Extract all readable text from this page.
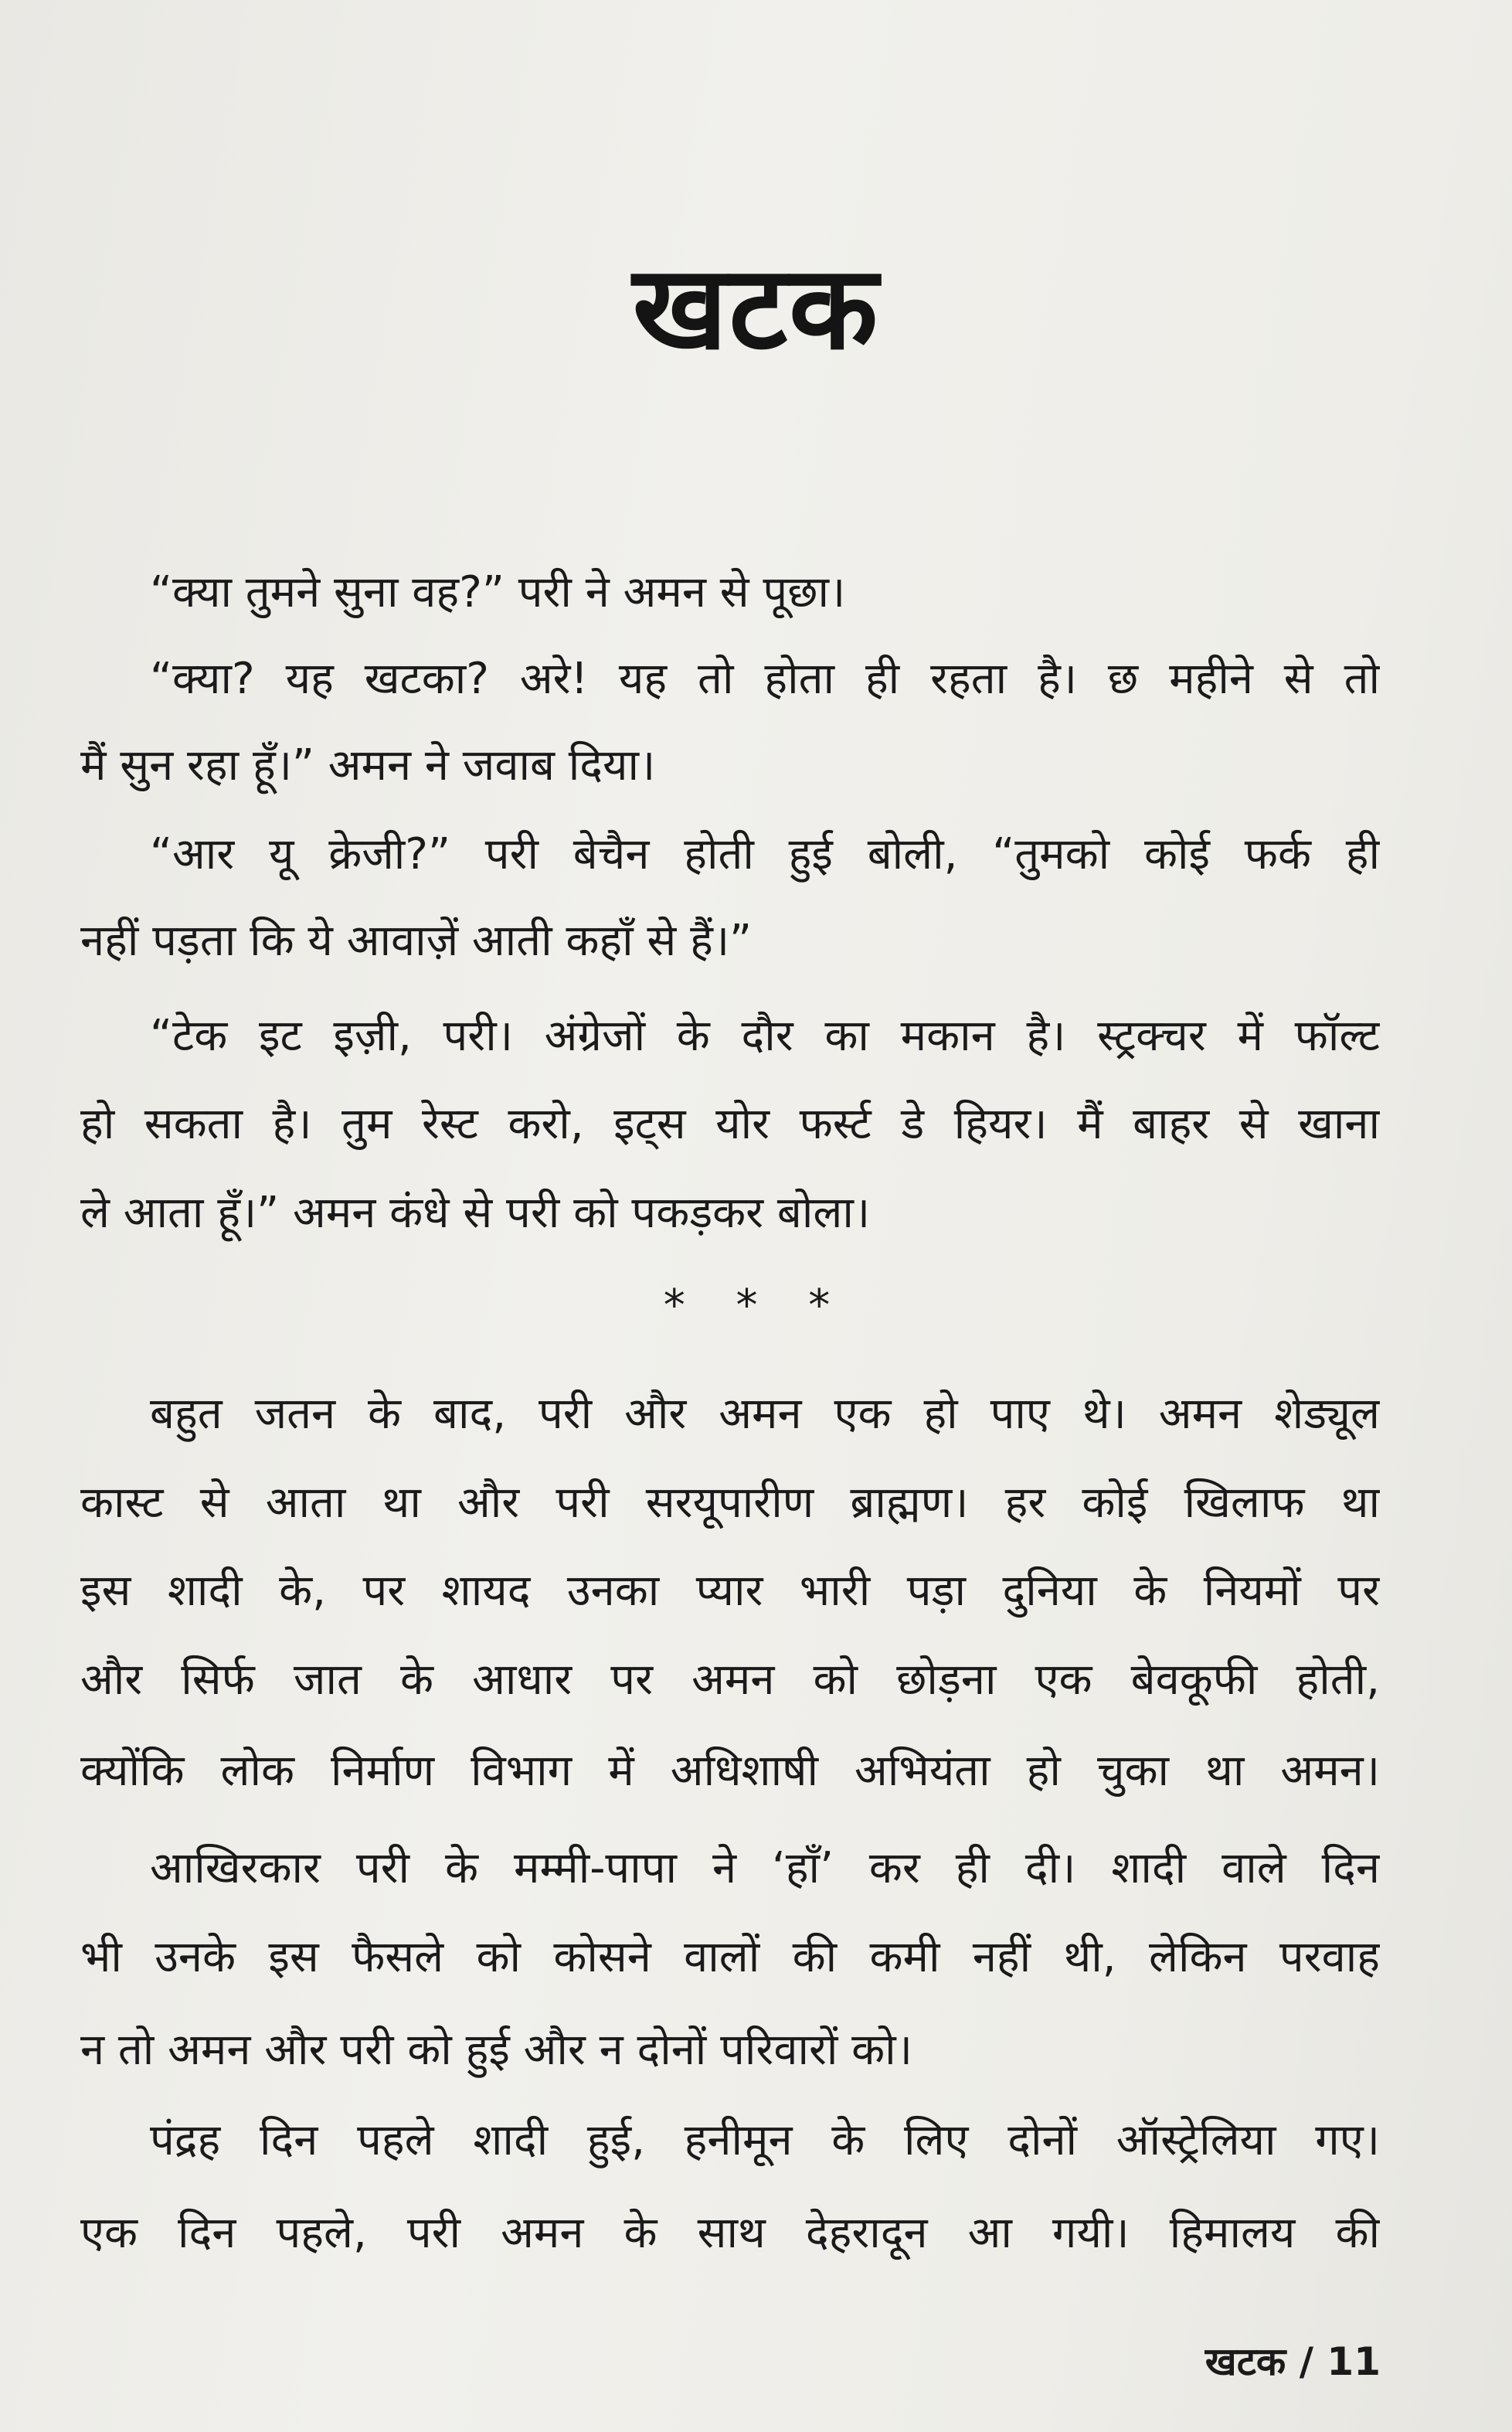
खटक
“क्या तुमने सुना वह?” परी ने अमन से पूछा।
“क्या? यह खटका? अरे! यह तो होता ही रहता है। छ महीने से तो
मैं सुन रहा हूँ।” अमन ने जवाब दिया।
“आर यू क्रेजी?” परी बेचैन होती हुई बोली, “तुमको कोई फर्क ही
नहीं पड़ता कि ये आवाज़ें आती कहाँ से हैं।”
“टेक इट इज़ी, परी। अंग्रेजों के दौर का मकान है। स्ट्रक्चर में फॉल्ट
हो सकता है। तुम रेस्ट करो, इट्स योर फर्स्ट डे हियर। मैं बाहर से खाना
ले आता हूँ।” अमन कंधे से परी को पकड़कर बोला।
* * *
बहुत जतन के बाद, परी और अमन एक हो पाए थे। अमन शेड्यूल
कास्ट से आता था और परी सरयूपारीण ब्राह्मण। हर कोई खिलाफ था
इस शादी के, पर शायद उनका प्यार भारी पड़ा दुनिया के नियमों पर
और सिर्फ जात के आधार पर अमन को छोड़ना एक बेवकूफी होती,
क्योंकि लोक निर्माण विभाग में अधिशाषी अभियंता हो चुका था अमन।
आखिरकार परी के मम्मी-पापा ने ‘हाँ’ कर ही दी। शादी वाले दिन
भी उनके इस फैसले को कोसने वालों की कमी नहीं थी, लेकिन परवाह
न तो अमन और परी को हुई और न दोनों परिवारों को।
पंद्रह दिन पहले शादी हुई, हनीमून के लिए दोनों ऑस्ट्रेलिया गए।
एक दिन पहले, परी अमन के साथ देहरादून आ गयी। हिमालय की
खटक / 11
